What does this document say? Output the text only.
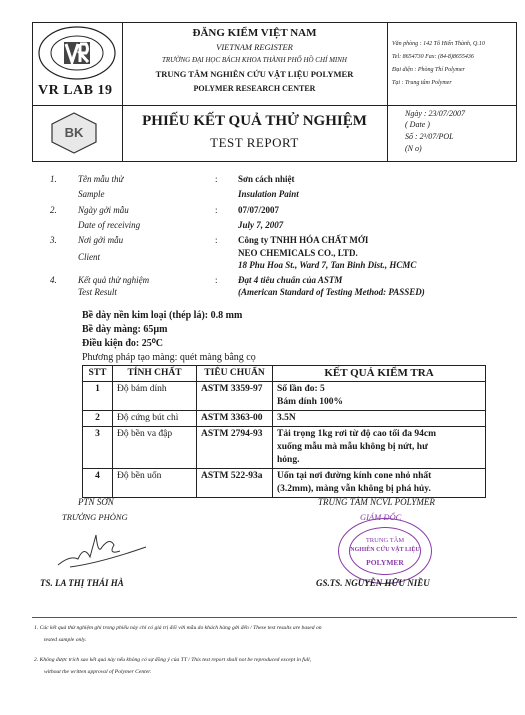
VR LAB 19
ĐĂNG KIỂM VIỆT NAM
VIETNAM REGISTER
TRƯỜNG ĐẠI HỌC BÁCH KHOA THÀNH PHỐ HỒ CHÍ MINH
TRUNG TÂM NGHIÊN CỨU VẬT LIỆU POLYMER
POLYMER RESEARCH CENTER
Văn phòng : 142 Tô Hiến Thành, Q.10
Tel: 8654730 Fax: (84-8)8655436
Đại diện : Phòng Thí Polymer
Tại : Trung tâm Polymer
BK
PHIẾU KẾT QUẢ THỬ NGHIỆM
TEST REPORT
Ngày : 23/07/2007
( Date )
Số : 2³/07/POL
(N o)
1. Tên mẫu thử
Sample
: Sơn cách nhiệt
Insulation Paint
2. Ngày gởi mẫu
Date of receiving
: 07/07/2007
July 7, 2007
3. Nơi gởi mẫu
Client
: Công ty TNHH HÓA CHẤT MỚI
NEO CHEMICALS CO., LTD.
18 Phu Hoa St., Ward 7, Tan Binh Dist., HCMC
4. Kết quả thử nghiệm
Test Result
: Đạt 4 tiêu chuẩn của ASTM
(American Standard of Testing Method: PASSED)
Bề dày nền kim loại (thép lá): 0.8 mm
Bề dày màng: 65µm
Điều kiện đo: 25⁰C
Phương pháp tạo màng: quét màng bằng cọ
STT	TÍNH CHẤT	TIÊU CHUẨN	KẾT QUẢ KIỂM TRA
1	Độ bám dính	ASTM 3359-97	Số lần đo: 5
Bám dính 100%

2	Độ cứng bút chì	ASTM 3363-00	3.5N

3	Độ bền va đập	ASTM 2794-93	Tải trọng 1kg rơi từ độ cao tối đa 94cm
xuống mẫu mà mẫu không bị nứt, hư
hỏng.

4	Độ bền uốn	ASTM 522-93a	Uốn tại nơi đường kính cone nhỏ nhất
(3.2mm), màng vẫn không bị phá hủy.
PTN SƠN
TRƯỞNG PHÒNG
TS. LA THỊ THÁI HÀ
TRUNG TÂM NCVL POLYMER
GIÁM ĐỐC
TRUNG TÂM
NGHIÊN CỨU VẬT LIỆU
POLYMER
GS.TS. NGUYỄN HỮU NIỀU
1. Các kết quả thử nghiệm ghi trong phiếu này chỉ có giá trị đối với mẫu do khách hàng gởi đến / These test results are based on
tested sample only.
2. Không được trích sao kết quả này nếu không có sự đồng ý của TT / This test report shall not be reproduced except in full,
without the written approval of Polymer Center.
